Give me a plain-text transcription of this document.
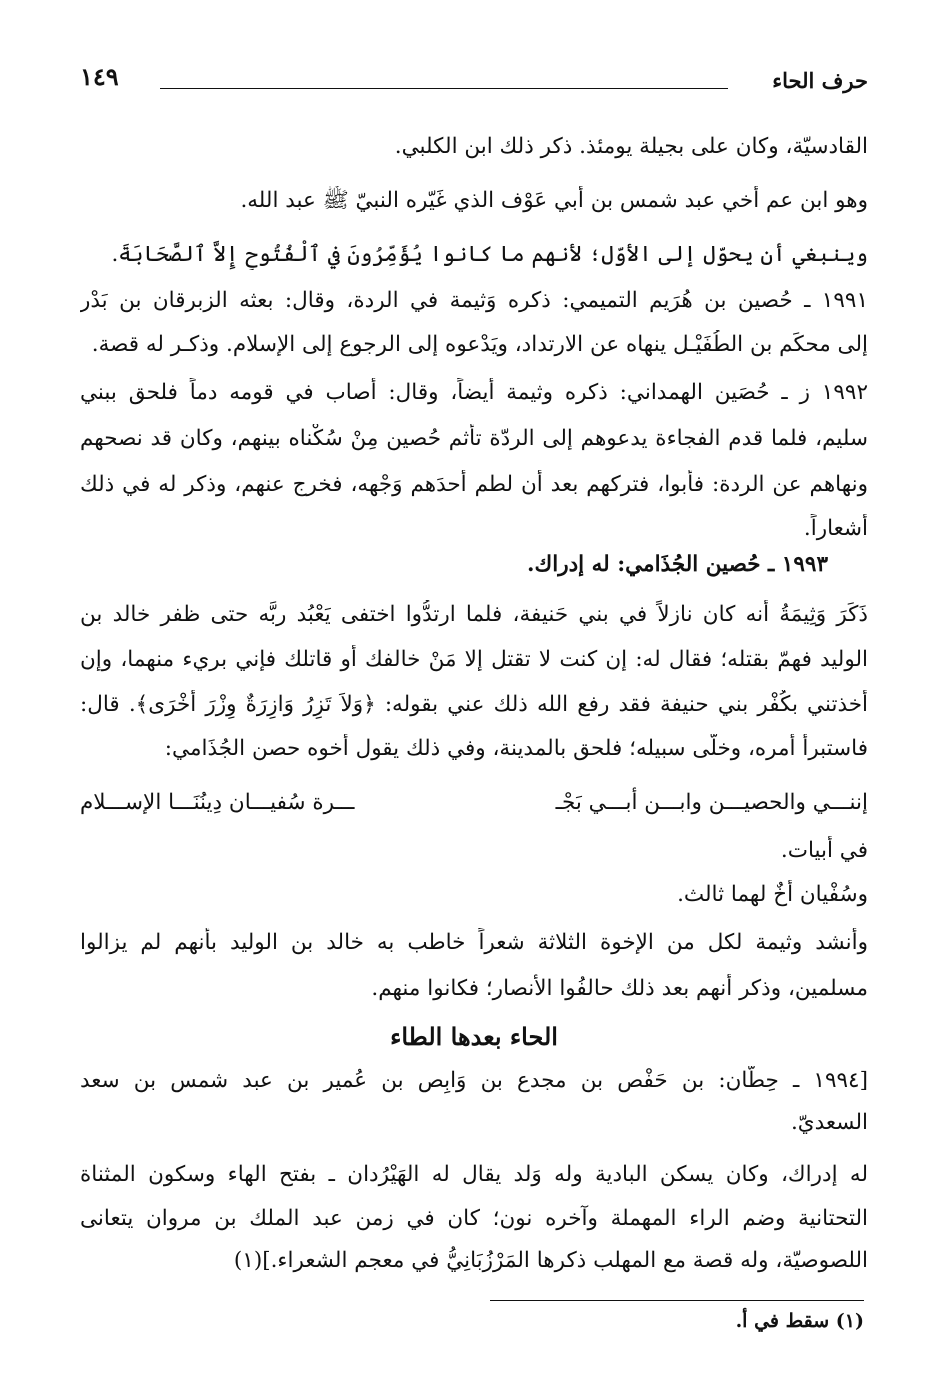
حرف الحاء
١٤٩
القادسيّة، وكان على بجيلة يومئذ. ذكر ذلك ابن الكلبي.
وهو ابن عم أخي عبد شمس بن أبي عَوْف الذي غَيّره النبيّ ﷺ عبد الله.
وينبغي أن يحوّل إلى الأوّل؛ لأنهم ما كانوا يُؤَمِّرُونَ في ٱلْفُتُوحِ إِلاَّ ٱلصَّحَابَةَ.
١٩٩١ ـ حُصين بن هُرَيم التميمي: ذكره وَثيمة في الردة، وقال: بعثه الزبرقان بن بَدْر
إلى محكَم بن الطُفَيْـل ينهاه عن الارتداد، ويَدْعوه إلى الرجوع إلى الإسلام. وذكـر له قصة.
١٩٩٢ ز ـ حُصَين الهمداني: ذكره وثيمة أيضاً، وقال: أصاب في قومه دماً فلحق ببني
سليم، فلما قدم الفجاءة يدعوهم إلى الردّة تأثم حُصين مِنْ سُكْناه بينهم، وكان قد نصحهم
ونهاهم عن الردة: فأبوا، فتركهم بعد أن لطم أحدَهم وَجْهه، فخرج عنهم، وذكر له في ذلك
أشعاراً.
١٩٩٣ ـ حُصين الجُذَامي: له إدراك.
ذَكَرَ وَثِيمَةُ أنه كان نازلاً في بني حَنيفة، فلما ارتدُّوا اختفى يَعْبُد ربَّه حتى ظفر خالد بن
الوليد فهمّ بقتله؛ فقال له: إن كنت لا تقتل إلا مَنْ خالفك أو قاتلك فإني بريء منهما، وإن
أخذتني بكُفْر بني حنيفة فقد رفع الله ذلك عني بقوله: ﴿وَلاَ تَزِرُ وَازِرَةٌ وِزْرَ أُخْرَى﴾. قال:
فاستبرأ أمره، وخلّى سبيله؛ فلحق بالمدينة، وفي ذلك يقول أخوه حصن الجُذَامي:
إننـــي والحصيـــن وابـــن أبـــي بَجْـ
ـــرة سُفيـــان دِينُنَـــا الإســـلام
في أبيات.
وسُفْيان أَخٌ لهما ثالث.
وأنشد وثيمة لكل من الإخوة الثلاثة شعراً خاطب به خالد بن الوليد بأنهم لم يزالوا
مسلمين، وذكر أنهم بعد ذلك حالفُوا الأنصار؛ فكانوا منهم.
الحاء بعدها الطاء
[١٩٩٤ ـ حِطَّان: بن حَفْص بن مجدع بن وَابِص بن عُمير بن عبد شمس بن سعد
السعديّ.
له إدراك، وكان يسكن البادية وله وَلد يقال له الهَيْرُدان ـ بفتح الهاء وسكون المثناة
التحتانية وضم الراء المهملة وآخره نون؛ كان في زمن عبد الملك بن مروان يتعانى
اللصوصيّة، وله قصة مع المهلب ذكرها المَرْزُبَانِيُّ في معجم الشعراء.](١)
(١) سقط في أ.
